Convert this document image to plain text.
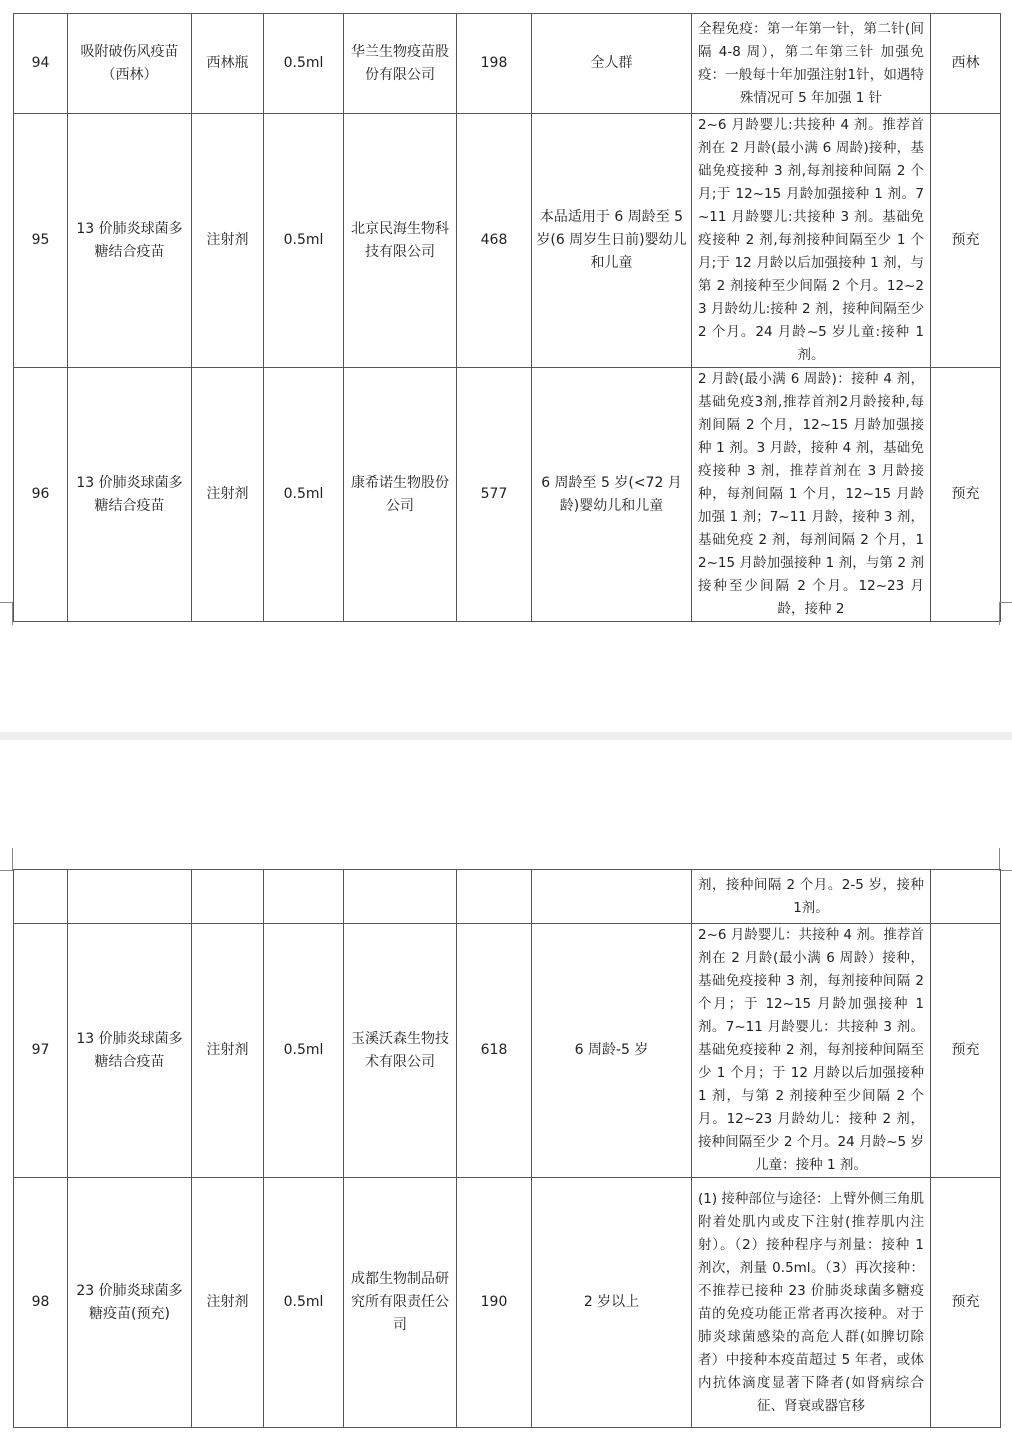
94	吸附破伤风疫苗（西林）	西林瓶	0.5ml	华兰生物疫苗股份有限公司	198	全人群	全程免疫：第一年第一针，第二针(间隔 4-8 周），第二年第三针 加强免疫：一般每十年加强注射1针，如遇特殊情况可 5 年加强 1 针	西林
95	13 价肺炎球菌多糖结合疫苗	注射剂	0.5ml	北京民海生物科技有限公司	468	本品适用于 6 周龄至 5 岁(6 周岁生日前)婴幼儿和儿童	2~6 月龄婴儿:共接种 4 剂。推荐首剂在 2 月龄(最小满 6 周龄)接种，基础免疫接种 3 剂,每剂接种间隔 2 个月;于 12~15 月龄加强接种 1 剂。7~11 月龄婴儿:共接种 3 剂。基础免疫接种 2 剂,每剂接种间隔至少 1 个月;于 12 月龄以后加强接种 1 剂，与第 2 剂接种至少间隔 2 个月。12~23 月龄幼儿:接种 2 剂，接种间隔至少 2 个月。24 月龄~5 岁儿童:接种 1 剂。	预充
96	13 价肺炎球菌多糖结合疫苗	注射剂	0.5ml	康希诺生物股份公司	577	6 周龄至 5 岁(<72 月龄)婴幼儿和儿童	2 月龄(最小满 6 周龄)：接种 4 剂，基础免疫3剂,推荐首剂2月龄接种,每剂间隔 2 个月，12~15 月龄加强接种 1 剂。3 月龄，接种 4 剂，基础免疫接种 3 剂，推荐首剂在 3 月龄接种，每剂间隔 1 个月，12~15 月龄加强 1 剂；7~11 月龄，接种 3 剂，基础免疫 2 剂，每剂间隔 2 个月，12~15 月龄加强接种 1 剂，与第 2 剂接种至少间隔 2 个月。12~23 月龄，接种 2	预充
							剂，接种间隔 2 个月。2-5 岁，接种 1剂。	
97	13 价肺炎球菌多糖结合疫苗	注射剂	0.5ml	玉溪沃森生物技术有限公司	618	6 周龄-5 岁	2~6 月龄婴儿：共接种 4 剂。推荐首剂在 2 月龄(最小满 6 周龄）接种，基础免疫接种 3 剂，每剂接种间隔 2 个月；于 12~15 月龄加强接种 1 剂。7~11 月龄婴儿：共接种 3 剂。基础免疫接种 2 剂，每剂接种间隔至少 1 个月；于 12 月龄以后加强接种 1 剂，与第 2 剂接种至少间隔 2 个月。12~23 月龄幼儿：接种 2 剂，接种间隔至少 2 个月。24 月龄~5 岁儿童：接种 1 剂。	预充
98	23 价肺炎球菌多糖疫苗(预充)	注射剂	0.5ml	成都生物制品研究所有限责任公司	190	2 岁以上	(1) 接种部位与途径：上臂外侧三角肌附着处肌内或皮下注射(推荐肌内注射）。（2）接种程序与剂量：接种 1 剂次，剂量 0.5ml。（3）再次接种：不推荐已接种 23 价肺炎球菌多糖疫苗的免疫功能正常者再次接种。对于肺炎球菌感染的高危人群(如脾切除者）中接种本疫苗超过 5 年者，或体内抗体滴度显著下降者(如肾病综合征、肾衰或器官移	预充
